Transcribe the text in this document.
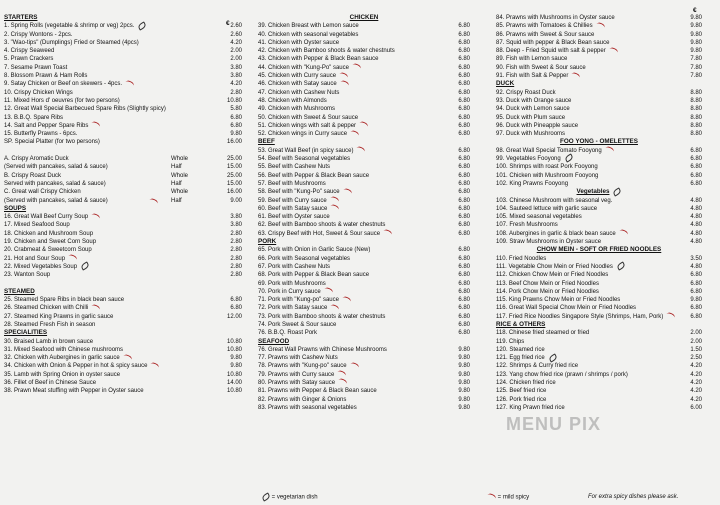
€
€
STARTERS
1. Spring Rolls (vegetable & shrimp or veg) 2pcs.	2.60
2. Crispy Wontons - 2pcs.	2.60
3. "Wao-tips" (Dumplings) Fried or Steamed (4pcs)	4.20
4. Crispy Seaweed	2.00
5. Prawn Crackers	2.00
7. Sesame Prawn Toast	3.80
8. Blossom Prawn & Ham Rolls	3.80
9. Satay Chicken or Beef on skewers - 4pcs.	4.20
10. Crispy Chicken Wings	2.80
11. Mixed Hors d' oeuvres (for two persons)	10.80
12. Great Wall Special Barbecued Spare Ribs (Slightly spicy)	5.80
13. B.B.Q. Spare Ribs	6.80
14. Salt and Pepper Spare Ribs	6.80
15. Butterfly Prawns - 6pcs.	9.80
SP. Special Platter (for two persons)	16.00
A. Crispy Aromatic Duck	Whole	25.00
(Served with pancakes, salad & sauce)	Half	15.00
B. Crispy Roast Duck	Whole	25.00
Served with pancakes, salad & sauce)	Half	15.00
C. Great wall Crispy Chicken	Whole	16.00
(Served with pancakes, salad & sauce)	Half	9.00
SOUPS
16. Great Wall Beef Curry Soup	3.80
17. Mixed Seafood Soup	3.80
18. Chicken and Mushroom Soup	2.80
19. Chicken and Sweet Corn Soup	2.80
20. Crabmeat & Sweetcorn Soup	2.80
21. Hot and Sour Soup	2.80
22. Mixed Vegetables Soup	2.80
23. Wanton Soup	2.80
STEAMED
25. Steamed Spare Ribs in black bean sauce	6.80
26. Steamed Chicken with Chilli	6.80
27. Steamed King Prawns in garlic sauce	12.00
28. Steamed Fresh Fish in season
SPECIALITIES
30. Braised Lamb in brown sauce	10.80
31. Mixed Seafood with Chinese mushrooms	10.80
32. Chicken with Aubergines in garlic sauce	9.80
34. Chicken with Onion & Pepper in hot & spicy sauce	9.80
35. Lamb with Spring Onion in oyster sauce	10.80
36. Fillet of Beef in Chinese Sauce	14.00
38. Prawn Meat stuffing with Pepper in Oyster sauce	10.80
CHICKEN
39. Chicken Breast with Lemon sauce	6.80
40. Chicken with seasonal vegetables	6.80
41. Chicken with Oyster sauce	6.80
42. Chicken with Bamboo shoots & water chestnuts	6.80
43. Chicken with Pepper & Black Bean sauce	6.80
44. Chicken with "Kung-Po" sauce	6.80
45. Chicken with Curry sauce	6.80
46. Chicken with Satay sauce	6.80
47. Chicken with Cashew Nuts	6.80
48. Chicken with Almonds	6.80
49. Chicken with Mushrooms	6.80
50. Chicken with Sweet & Sour sauce	6.80
51. Chicken wings with salt & pepper	6.80
52. Chicken wings in Curry sauce	6.80
BEEF
53. Great Wall Beef (in spicy sauce)	6.80
54. Beef with Seasonal vegetables	6.80
55. Beef with Cashew Nuts	6.80
56. Beef with Pepper & Black Bean sauce	6.80
57. Beef with Mushrooms	6.80
58. Beef with "Kung-Po" sauce	6.80
59. Beef with Curry sauce	6.80
60. Beef with Satay sauce	6.80
61. Beef with Oyster sauce	6.80
62. Beef with Bamboo shoots & water chestnuts	6.80
63. Crispy Beef with Hot, Sweet & Sour sauce	6.80
PORK
65. Pork with Onion in Garlic Sauce (New)	6.80
66. Pork with Seasonal vegetables	6.80
67. Pork with Cashew Nuts	6.80
68. Pork with Pepper & Black Bean sauce	6.80
69. Pork with Mushrooms	6.80
70. Pork in Curry sauce	6.80
71. Pork with "Kung-po" sauce	6.80
72. Pork with Satay sauce	6.80
73. Pork with Bamboo shoots & water chestnuts	6.80
74. Pork Sweet & Sour sauce	6.80
76. B.B.Q. Roast Pork	6.80
SEAFOOD
76. Great Wall Prawns with Chinese Mushrooms	9.80
77. Prawns with Cashew Nuts	9.80
78. Prawns with "Kung-po" sauce	9.80
79. Prawns with Curry sauce	9.80
80. Prawns with Satay sauce	9.80
81. Prawns with Pepper & Black Bean sauce	9.80
82. Prawns with Ginger & Onions	9.80
83. Prawns with seasonal vegetables	9.80
84. Prawns with Mushrooms in Oyster sauce	9.80
85. Prawns with Tomatoes & Chillies	9.80
86. Prawns with Sweet & Sour sauce	9.80
87. Squid with pepper & Black Bean sauce	9.80
88. Deep - Fried Squid with salt & pepper	9.80
89. Fish with Lemon sauce	7.80
90. Fish with Sweet & Sour sauce	7.80
91. Fish with Salt & Pepper	7.80
DUCK
92. Crispy Roast Duck	8.80
93. Duck with Orange sauce	8.80
94. Duck with Lemon sauce	8.80
95. Duck with Plum sauce	8.80
96. Duck with Pineapple sauce	8.80
97. Duck with Mushrooms	8.80
FOO YONG - OMELETTES
98. Great Wall Special Tomato Fooyong	6.80
99. Vegetables Fooyong	6.80
100. Shrimps with roast Pork Fooyong	6.80
101. Chicken with Mushroom Fooyong	6.80
102. King Prawns Fooyong	6.80
Vegetables
103. Chinese Mushroom with seasonal veg.	4.80
104. Sauteed lettuce with garlic sauce	4.80
105. Mixed seasonal vegetables	4.80
107. Fresh Mushrooms	4.80
108. Aubergines in garlic & black bean sauce	4.80
109. Straw Mushrooms in Oyster sauce	4.80
CHOW MEIN - SOFT OR FRIED NOODLES
110. Fried Noodles	3.50
111. Vegetable Chow Mein or Fried Noodles	4.80
112. Chicken Chow Mein or Fried Noodles	6.80
113. Beef Chow Mein or Fried Noodles	6.80
114. Pork Chow Mein or Fried Noodles	6.80
115. King Prawns Chow Mein or Fried Noodles	9.80
116. Great Wall Special Chow Mein or Fried Noodles	6.80
117. Fried Rice Noodles Singapore Style (Shrimps, Ham, Pork)	6.80
RICE & OTHERS
118. Chinese fried steamed or fried	2.00
119. Chips	2.00
120. Steamed rice	1.50
121. Egg fried rice	2.50
122. Shrimps & Curry fried rice	4.20
123. Yang chow fried rice (prawn / shrimps / pork)	4.20
124. Chicken fried rice	4.20
125. Beef fried rice	4.20
126. Pork fried rice	4.20
127. King Prawn fried rice	6.00
= vegetarian dish	= mild spicy	For extra spicy dishes please ask.
MENU PIX
